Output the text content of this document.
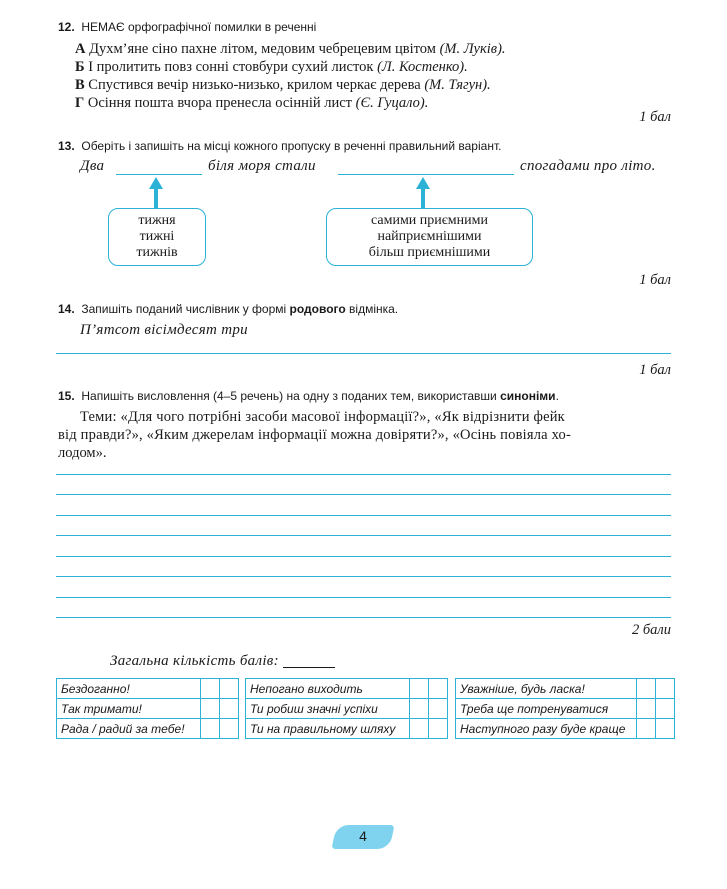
12. НЕМАЄ орфографічної помилки в реченні
А Духм’яне сіно пахне літом, медовим чебрецевим цвітом (М. Луків).
Б І пролитить повз сонні стовбури сухий листок (Л. Костенко).
В Спустився вечір низько-низько, крилом черкає дерева (М. Тягун).
Г Осіння пошта вчора пренесла осінній лист (Є. Гуцало).
1 бал
13. Оберіть і запишіть на місці кожного пропуску в реченні правильний варіант.
Два	біля моря стали	спогадами про літо.
тижня
тижні
тижнів
самими приємними
найприємнішими
більш приємнішими
1 бал
14. Запишіть поданий числівник у формі родового відмінка.
П’ятсот вісімдесят три
1 бал
15. Напишіть висловлення (4–5 речень) на одну з поданих тем, використавши синоніми.
Теми: «Для чого потрібні засоби масової інформації?», «Як відрізнити фейк
від правди?», «Яким джерелам інформації можна довіряти?», «Осінь повіяла хо-
лодом».
2 бали
Загальна кількість балів:
Бездоганно!		
Так тримати!		
Рада / радий за тебе!		
Непогано виходить		
Ти робиш значні успіхи		
Ти на правильному шляху		
Уважніше, будь ласка!		
Треба ще потренуватися		
Наступного разу буде краще		
4
